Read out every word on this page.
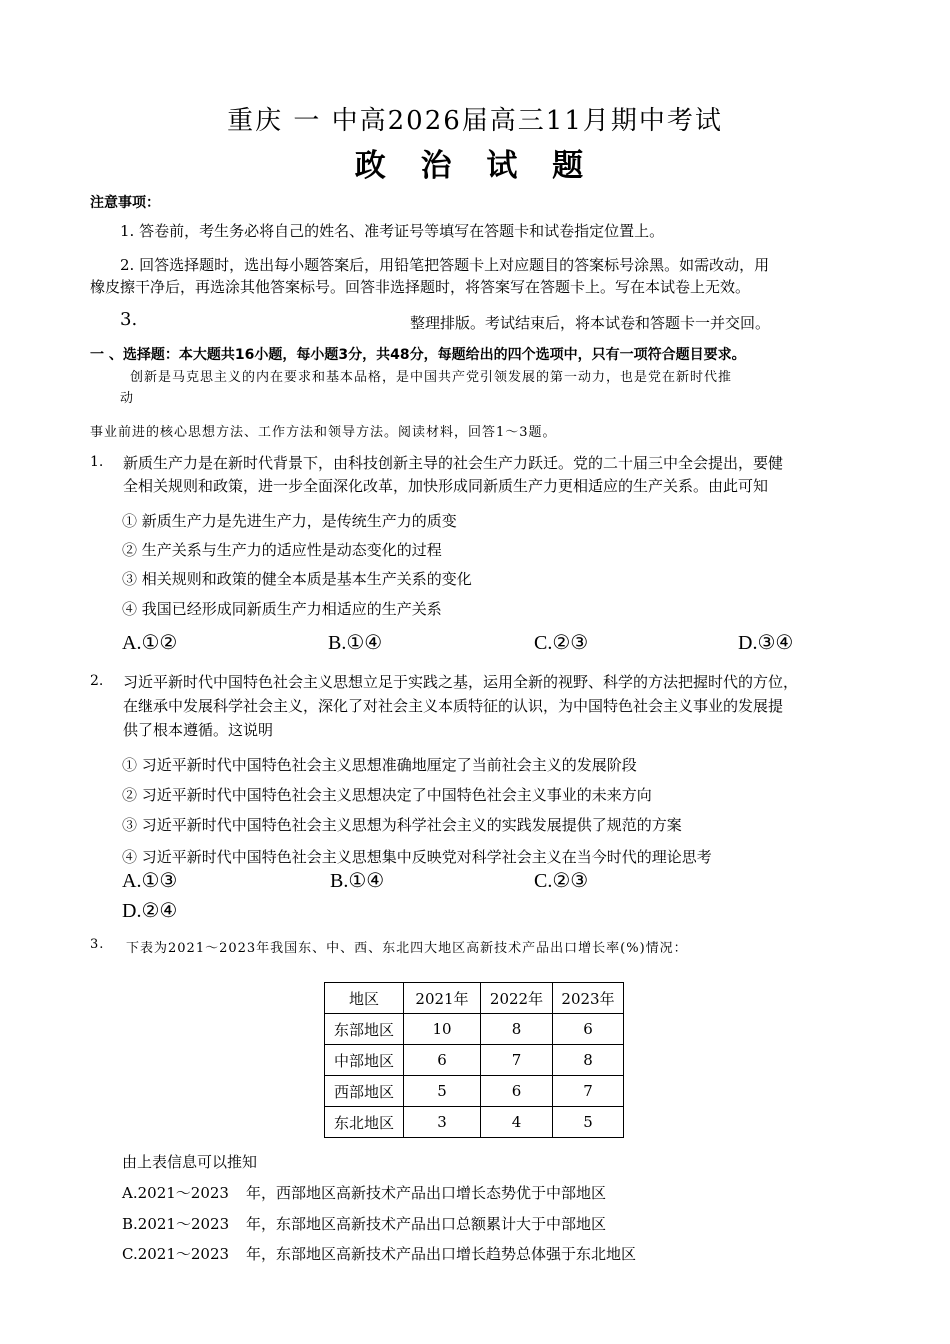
重庆 一 中高2026届高三11月期中考试
政 治 试 题
注意事项：
1. 答卷前，考生务必将自己的姓名、准考证号等填写在答题卡和试卷指定位置上。
2. 回答选择题时，选出每小题答案后，用铅笔把答题卡上对应题目的答案标号涂黑。如需改动，用
橡皮擦干净后，再选涂其他答案标号。回答非选择题时，将答案写在答题卡上。写在本试卷上无效。
3.	整理排版。考试结束后，将本试卷和答题卡一并交回。
一 、选择题：本大题共16小题，每小题3分，共48分，每题给出的四个选项中，只有一项符合题目要求。
创新是马克思主义的内在要求和基本品格，是中国共产党引领发展的第一动力，也是党在新时代推
动
事业前进的核心思想方法、工作方法和领导方法。阅读材料，回答1～3题。
1. 新质生产力是在新时代背景下，由科技创新主导的社会生产力跃迁。党的二十届三中全会提出，要健
全相关规则和政策，进一步全面深化改革，加快形成同新质生产力更相适应的生产关系。由此可知
① 新质生产力是先进生产力，是传统生产力的质变
② 生产关系与生产力的适应性是动态变化的过程
③ 相关规则和政策的健全本质是基本生产关系的变化
④ 我国已经形成同新质生产力相适应的生产关系
A.①②	B.①④	C.②③	D.③④
2. 习近平新时代中国特色社会主义思想立足于实践之基，运用全新的视野、科学的方法把握时代的方位，
在继承中发展科学社会主义，深化了对社会主义本质特征的认识，为中国特色社会主义事业的发展提
供了根本遵循。这说明
① 习近平新时代中国特色社会主义思想准确地厘定了当前社会主义的发展阶段
② 习近平新时代中国特色社会主义思想决定了中国特色社会主义事业的未来方向
③ 习近平新时代中国特色社会主义思想为科学社会主义的实践发展提供了规范的方案
④ 习近平新时代中国特色社会主义思想集中反映党对科学社会主义在当今时代的理论思考
A.①③	B.①④	C.②③
D.②④
3. 下表为2021～2023年我国东、中、西、东北四大地区高新技术产品出口增长率(%)情况：
地区	2021年	2022年	2023年
东部地区	10	8	6
中部地区	6	7	8
西部地区	5	6	7
东北地区	3	4	5
由上表信息可以推知
A.2021～2023 年，西部地区高新技术产品出口增长态势优于中部地区
B.2021～2023 年，东部地区高新技术产品出口总额累计大于中部地区
C.2021～2023 年，东部地区高新技术产品出口增长趋势总体强于东北地区
